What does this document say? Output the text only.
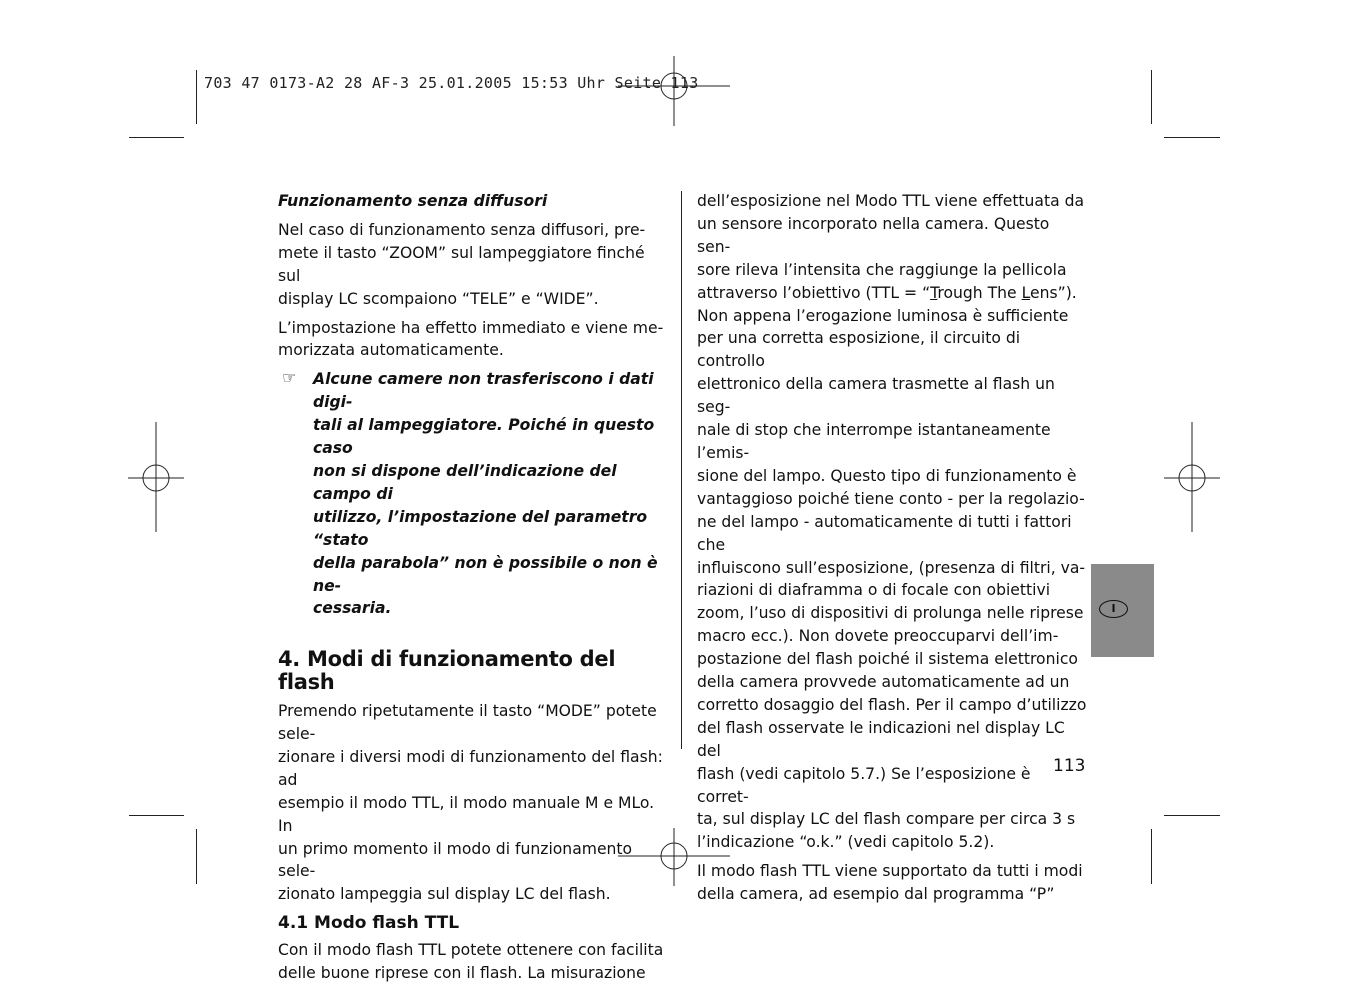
703 47 0173-A2 28 AF-3 25.01.2005 15:53 Uhr Seite 113

Funzionamento senza diffusori

Nel caso di funzionamento senza diffusori, pre-
mete il tasto “ZOOM” sul lampeggiatore finché sul
display LC scompaiono “TELE” e “WIDE”.

L’impostazione ha effetto immediato e viene me-
morizzata automaticamente.

☞	Alcune camere non trasferiscono i dati digi-
tali al lampeggiatore. Poiché in questo caso
non si dispone dell’indicazione del campo di
utilizzo, l’impostazione del parametro “stato
della parabola” non è possibile o non è ne-
cessaria.
4. Modi di funzionamento del flash

Premendo ripetutamente il tasto “MODE” potete sele-
zionare i diversi modi di funzionamento del flash: ad
esempio il modo TTL, il modo manuale M e MLo. In
un primo momento il modo di funzionamento sele-
zionato lampeggia sul display LC del flash.

4.1 Modo flash TTL

Con il modo flash TTL potete ottenere con facilita
delle buone riprese con il flash. La misurazione

dell’esposizione nel Modo TTL viene effettuata da
un sensore incorporato nella camera. Questo sen-
sore rileva l’intensita che raggiunge la pellicola
attraverso l’obiettivo (TTL = “Trough The Lens”).
Non appena l’erogazione luminosa è sufficiente
per una corretta esposizione, il circuito di controllo
elettronico della camera trasmette al flash un seg-
nale di stop che interrompe istantaneamente l’emis-
sione del lampo. Questo tipo di funzionamento è
vantaggioso poiché tiene conto - per la regolazio-
ne del lampo - automaticamente di tutti i fattori che
influiscono sull’esposizione, (presenza di filtri, va-
riazioni di diaframma o di focale con obiettivi
zoom, l’uso di dispositivi di prolunga nelle riprese
macro ecc.). Non dovete preoccuparvi dell’im-
postazione del flash poiché il sistema elettronico
della camera provvede automaticamente ad un
corretto dosaggio del flash. Per il campo d’utilizzo
del flash osservate le indicazioni nel display LC del
flash (vedi capitolo 5.7.) Se l’esposizione è corret-
ta, sul display LC del flash compare per circa 3 s
l’indicazione “o.k.” (vedi capitolo 5.2).

Il modo flash TTL viene supportato da tutti i modi
della camera, ad esempio dal programma “P”

113
I
